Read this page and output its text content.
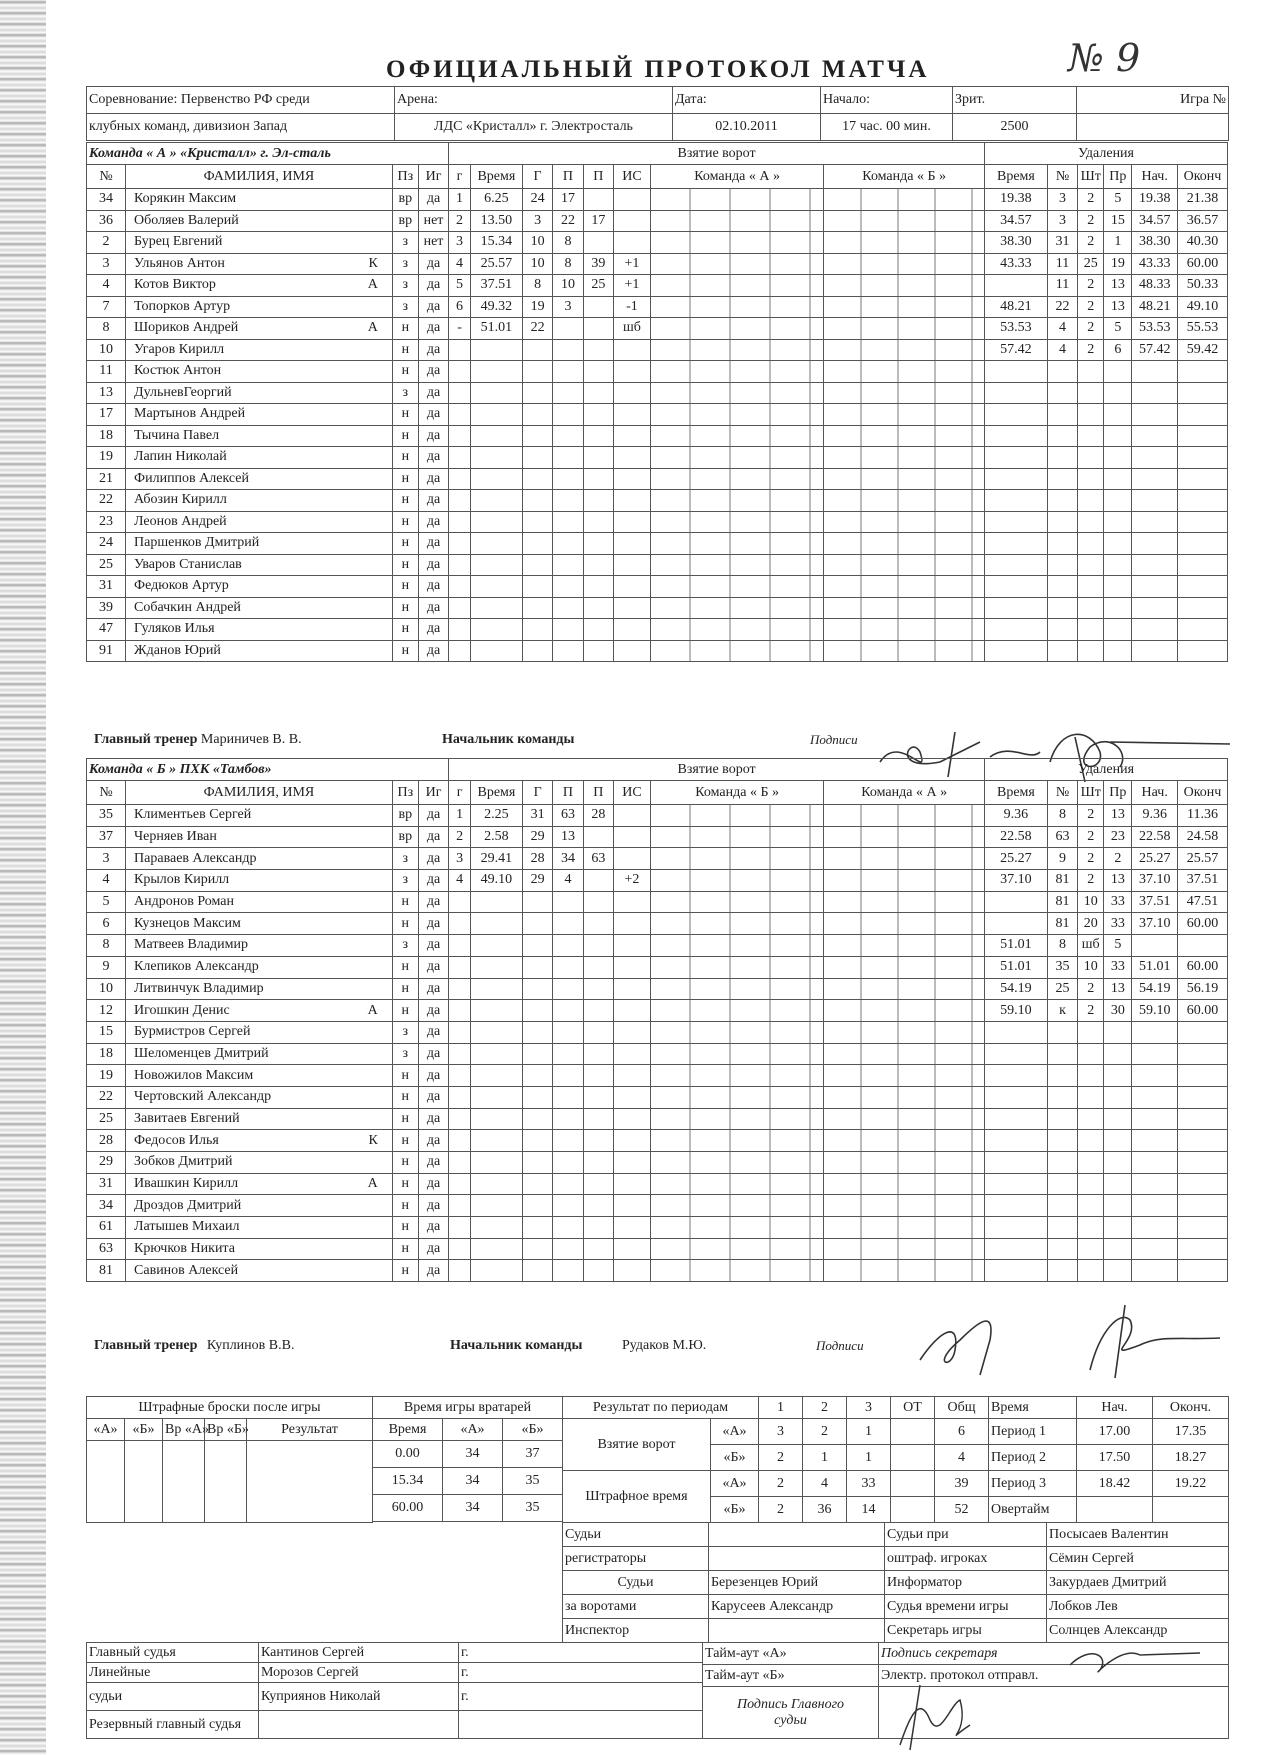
ОФИЦИАЛЬНЫЙ ПРОТОКОЛ МАТЧА	№ 9
Соревнование: Первенство РФ среди	Арена:	Дата:	Начало:	Зрит.	Игра №
клубных команд, дивизион Запад	ЛДС «Кристалл» г. Электросталь	02.10.2011	17 час. 00 мин.	2500	
Команда « А » «Кристалл» г. Эл-сталь				Взятие ворот								Удаления					
№	ФАМИЛИЯ, ИМЯ	Пз	Иг	г	Время	Г	П	П	ИС	Команда « А »	Команда « Б »	Время	№	Шт	Пр	Нач.	Оконч
34	Корякин Максим	вр	да	1	6.25	24	17					19.38	3	2	5	19.38	21.38
36	Оболяев Валерий	вр	нет	2	13.50	3	22	17				34.57	3	2	15	34.57	36.57
2	Бурец Евгений	з	нет	3	15.34	10	8					38.30	31	2	1	38.30	40.30
3	Ульянов Антон К	з	да	4	25.57	10	8	39	+1			43.33	11	25	19	43.33	60.00
4	Котов Виктор А	з	да	5	37.51	8	10	25	+1				11	2	13	48.33	50.33
7	Топорков Артур	з	да	6	49.32	19	3		-1			48.21	22	2	13	48.21	49.10
8	Шориков Андрей А	н	да	-	51.01	22			шб			53.53	4	2	5	53.53	55.53
10	Угаров Кирилл	н	да									57.42	4	2	6	57.42	59.42
11	Костюк Антон	н	да														
13	ДульневГеоргий	з	да														
17	Мартынов Андрей	н	да														
18	Тычина Павел	н	да														
19	Лапин Николай	н	да														
21	Филиппов Алексей	н	да														
22	Абозин Кирилл	н	да														
23	Леонов Андрей	н	да														
24	Паршенков Дмитрий	н	да														
25	Уваров Станислав	н	да														
31	Федюков Артур	н	да														
39	Собачкин Андрей	н	да														
47	Гуляков Илья	н	да														
91	Жданов Юрий	н	да														
Главный тренер Мариничев В. В.	Начальник команды	Подписи
Команда « Б » ПХК «Тамбов»				Взятие ворот								Удаления					
№	ФАМИЛИЯ, ИМЯ	Пз	Иг	г	Время	Г	П	П	ИС	Команда « Б »	Команда « А »	Время	№	Шт	Пр	Нач.	Оконч
35	Климентьев Сергей	вр	да	1	2.25	31	63	28				9.36	8	2	13	9.36	11.36
37	Черняев Иван	вр	да	2	2.58	29	13					22.58	63	2	23	22.58	24.58
3	Параваев Александр	з	да	3	29.41	28	34	63				25.27	9	2	2	25.27	25.57
4	Крылов Кирилл	з	да	4	49.10	29	4		+2			37.10	81	2	13	37.10	37.51
5	Андронов Роман	н	да										81	10	33	37.51	47.51
6	Кузнецов Максим	н	да										81	20	33	37.10	60.00
8	Матвеев Владимир	з	да									51.01	8	шб	5		
9	Клепиков Александр	н	да									51.01	35	10	33	51.01	60.00
10	Литвинчук Владимир	н	да									54.19	25	2	13	54.19	56.19
12	Игошкин Денис А	н	да									59.10	к	2	30	59.10	60.00
15	Бурмистров Сергей	з	да														
18	Шеломенцев Дмитрий	з	да														
19	Новожилов Максим	н	да														
22	Чертовский Александр	н	да														
25	Завитаев Евгений	н	да														
28	Федосов Илья К	н	да														
29	Зобков Дмитрий	н	да														
31	Ивашкин Кирилл А	н	да														
34	Дроздов Дмитрий	н	да														
61	Латышев Михаил	н	да														
63	Крючков Никита	н	да														
81	Савинов Алексей	н	да														
Главный тренер Куплинов В.В.	Начальник команды	Рудаков М.Ю.	Подписи
Штрафные броски после игры				
«А»	«Б»	Вр «А»	Вр «Б»	Результат

Время игры вратарей		
Время	«А»	«Б»
0.00	34	37
15.34	34	35
60.00	34	35
Результат по периодам		1	2	3	ОТ	Общ
Взятие ворот	«А»	3	2	1		6
	«Б»	2	1	1		4
Штрафное время	«А»	2	4	33		39
	«Б»	2	36	14		52
Время	Нач.	Оконч.
Период 1	17.00	17.35
Период 2	17.50	18.27
Период 3	18.42	19.22
Овертайм		
Судьи		Судьи при	Посысаев Валентин
регистраторы		оштраф. игроках	Сёмин Сергей
Судьи	Березенцев Юрий	Информатор	Закурдаев Дмитрий
за воротами	Карусеев Александр	Судья времени игры	Лобков Лев
Инспектор		Секретарь игры	Солнцев Александр
Главный судья	Кантинов Сергей	г.
Линейные	Морозов Сергей	г.
судьи	Куприянов Николай	г.
Резервный главный судья		
Тайм-аут «А»	Подпись секретаря
Тайм-аут «Б»	Электр. протокол отправл.
Подпись Главного
судьи	
